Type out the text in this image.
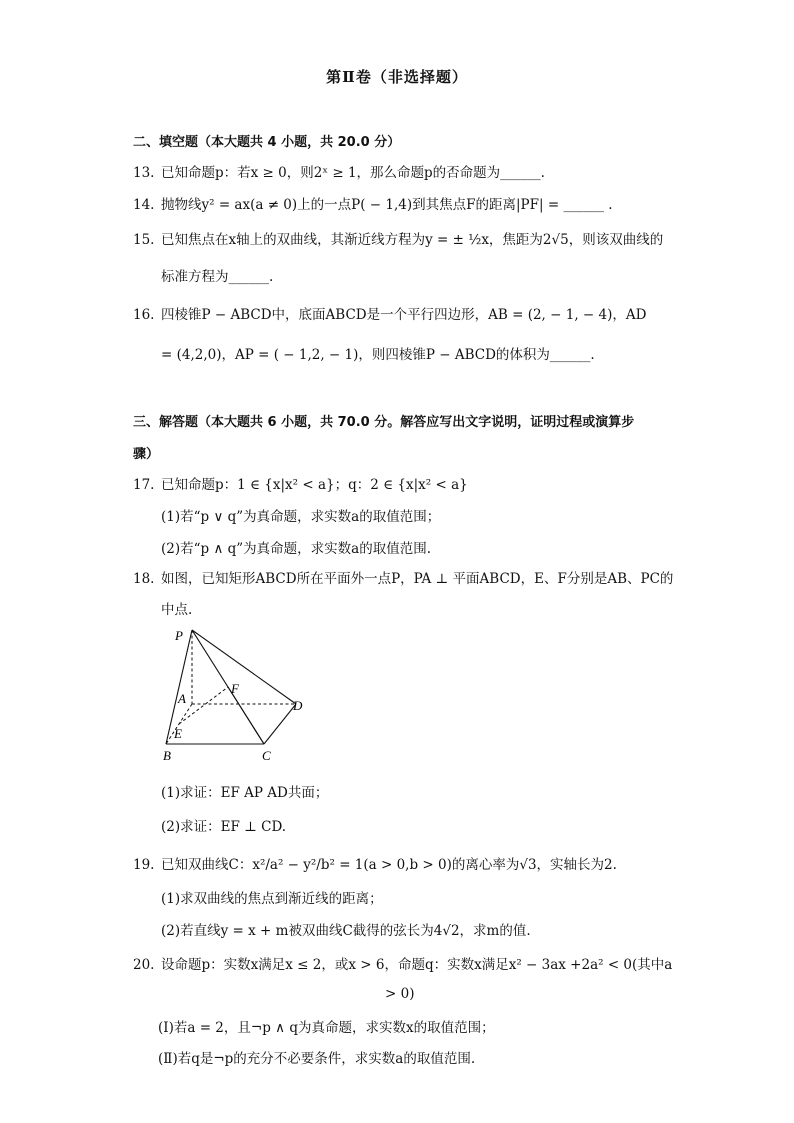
第Ⅱ卷（非选择题）
二、填空题（本大题共 4 小题，共 20.0 分）
13. 已知命题p：若x ≥ 0，则2ˣ ≥ 1，那么命题p的否命题为______.
14. 抛物线y² = ax(a ≠ 0)上的一点P( − 1,4)到其焦点F的距离|PF| = ______ .
15. 已知焦点在x轴上的双曲线，其渐近线方程为y = ± ½x，焦距为2√5，则该双曲线的
标准方程为______.
16. 四棱锥P − ABCD中，底面ABCD是一个平行四边形，AB = (2, − 1, − 4)，AD
= (4,2,0)，AP = ( − 1,2, − 1)，则四棱锥P − ABCD的体积为______.
三、解答题（本大题共 6 小题，共 70.0 分。解答应写出文字说明，证明过程或演算步
骤）
17. 已知命题p：1 ∈ {x|x² < a}；q：2 ∈ {x|x² < a}
(1)若“p ∨ q”为真命题，求实数a的取值范围；
(2)若“p ∧ q”为真命题，求实数a的取值范围.
18. 如图，已知矩形ABCD所在平面外一点P，PA ⊥ 平面ABCD，E、F分别是AB、PC的
中点.
P
A
B	C
D
E
F
(1)求证：EF AP AD共面；
(2)求证：EF ⊥ CD.
19. 已知双曲线C：x²/a² − y²/b² = 1(a > 0,b > 0)的离心率为√3，实轴长为2.
(1)求双曲线的焦点到渐近线的距离；
(2)若直线y = x + m被双曲线C截得的弦长为4√2，求m的值.
20. 设命题p：实数x满足x ≤ 2，或x > 6，命题q：实数x满足x² − 3ax +2a² < 0(其中a
> 0)
(Ⅰ)若a = 2，且¬p ∧ q为真命题，求实数x的取值范围；
(Ⅱ)若q是¬p的充分不必要条件，求实数a的取值范围.
